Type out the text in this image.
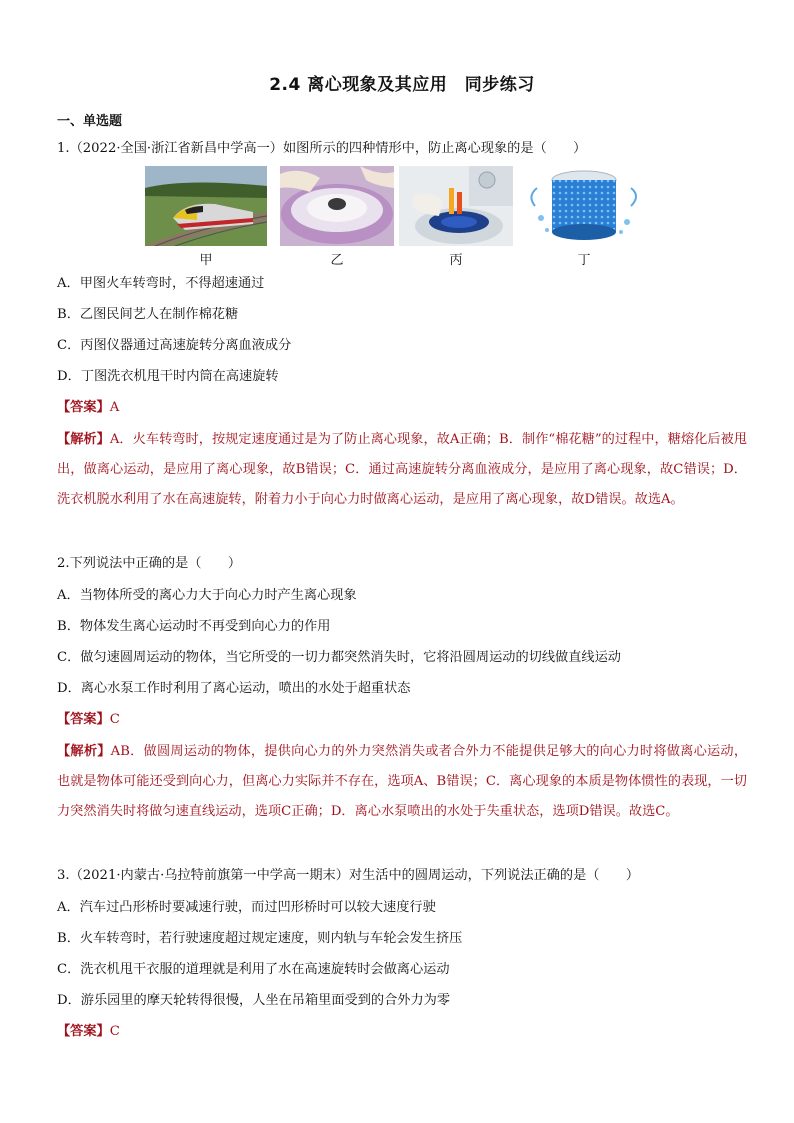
2.4 离心现象及其应用　同步练习
一、单选题
1.（2022·全国·浙江省新昌中学高一）如图所示的四种情形中，防止离心现象的是（　　）
甲	乙	丙	丁
A．甲图火车转弯时，不得超速通过
B．乙图民间艺人在制作棉花糖
C．丙图仪器通过高速旋转分离血液成分
D．丁图洗衣机甩干时内筒在高速旋转
【答案】A
【解析】A．火车转弯时，按规定速度通过是为了防止离心现象，故A正确；B．制作“棉花糖”的过程中，糖熔化后被甩出，做离心运动，是应用了离心现象，故B错误；C．通过高速旋转分离血液成分，是应用了离心现象，故C错误；D．洗衣机脱水利用了水在高速旋转，附着力小于向心力时做离心运动，是应用了离心现象，故D错误。故选A。
2.下列说法中正确的是（　　）
A．当物体所受的离心力大于向心力时产生离心现象
B．物体发生离心运动时不再受到向心力的作用
C．做匀速圆周运动的物体，当它所受的一切力都突然消失时，它将沿圆周运动的切线做直线运动
D．离心水泵工作时利用了离心运动，喷出的水处于超重状态
【答案】C
【解析】AB．做圆周运动的物体，提供向心力的外力突然消失或者合外力不能提供足够大的向心力时将做离心运动，也就是物体可能还受到向心力，但离心力实际并不存在，选项A、B错误；C．离心现象的本质是物体惯性的表现，一切力突然消失时将做匀速直线运动，选项C正确；D．离心水泵喷出的水处于失重状态，选项D错误。故选C。
3.（2021·内蒙古·乌拉特前旗第一中学高一期末）对生活中的圆周运动，下列说法正确的是（　　）
A．汽车过凸形桥时要减速行驶，而过凹形桥时可以较大速度行驶
B．火车转弯时，若行驶速度超过规定速度，则内轨与车轮会发生挤压
C．洗衣机甩干衣服的道理就是利用了水在高速旋转时会做离心运动
D．游乐园里的摩天轮转得很慢，人坐在吊箱里面受到的合外力为零
【答案】C
